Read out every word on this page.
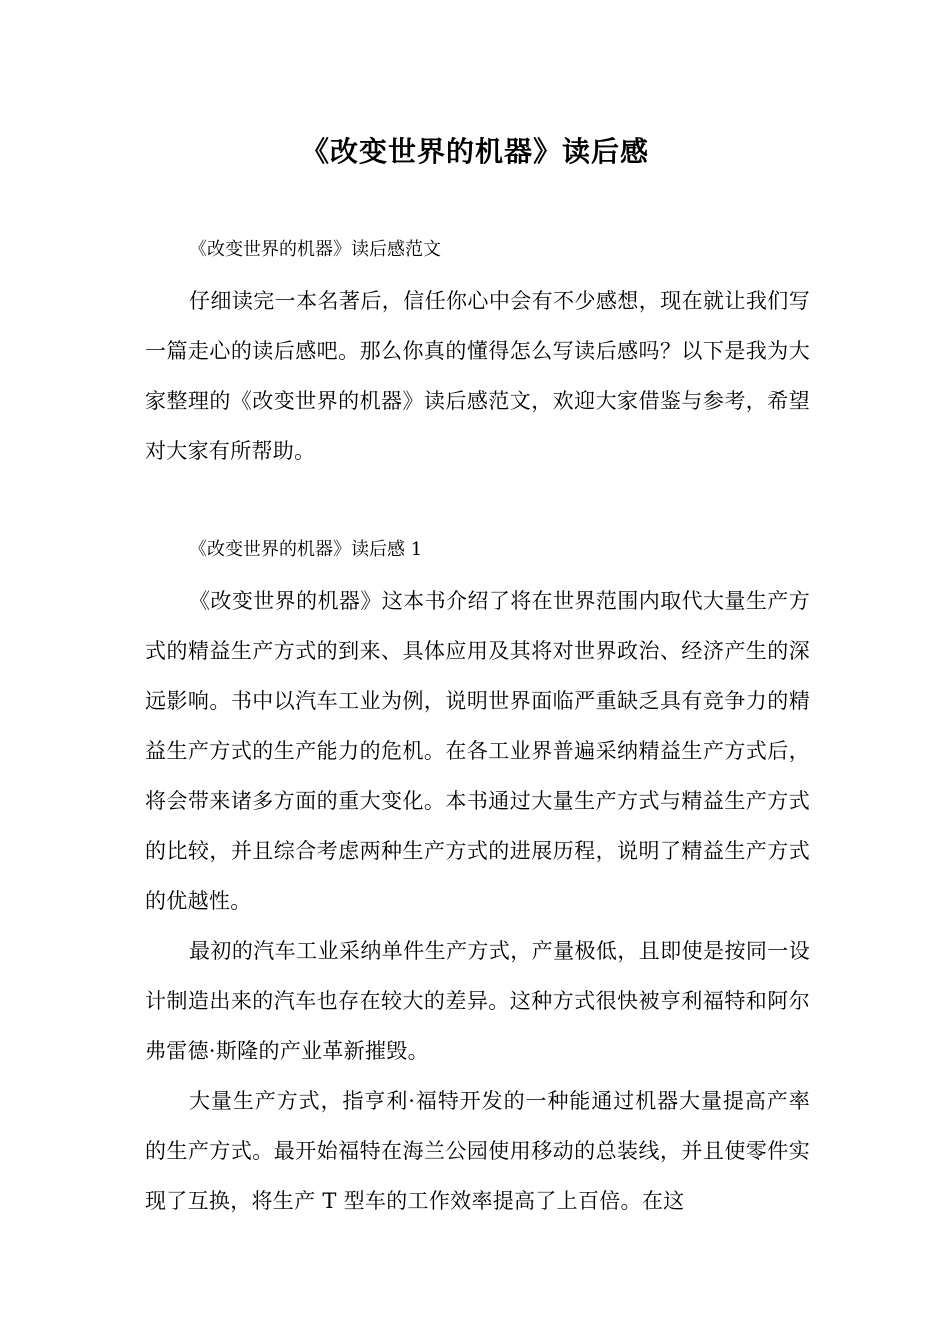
《改变世界的机器》读后感

《改变世界的机器》读后感范文

仔细读完一本名著后，信任你心中会有不少感想，现在就让我们写一篇走心的读后感吧。那么你真的懂得怎么写读后感吗？以下是我为大家整理的《改变世界的机器》读后感范文，欢迎大家借鉴与参考，希望对大家有所帮助。

《改变世界的机器》读后感 1

《改变世界的机器》这本书介绍了将在世界范围内取代大量生产方式的精益生产方式的到来、具体应用及其将对世界政治、经济产生的深远影响。书中以汽车工业为例，说明世界面临严重缺乏具有竞争力的精益生产方式的生产能力的危机。在各工业界普遍采纳精益生产方式后，将会带来诸多方面的重大变化。本书通过大量生产方式与精益生产方式的比较，并且综合考虑两种生产方式的进展历程，说明了精益生产方式的优越性。

最初的汽车工业采纳单件生产方式，产量极低，且即使是按同一设计制造出来的汽车也存在较大的差异。这种方式很快被亨利福特和阿尔弗雷德·斯隆的产业革新摧毁。

大量生产方式，指亨利·福特开发的一种能通过机器大量提高产率的生产方式。最开始福特在海兰公园使用移动的总装线，并且使零件实现了互换，将生产 T 型车的工作效率提高了上百倍。在这
